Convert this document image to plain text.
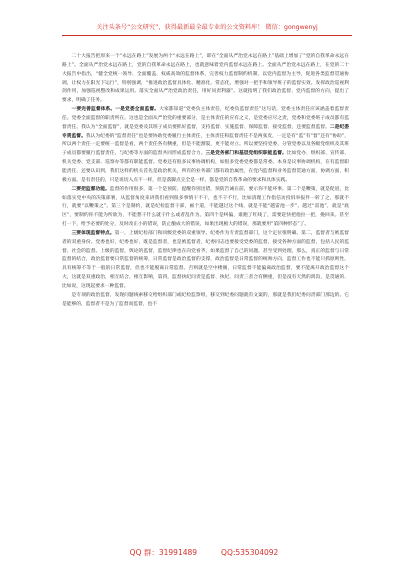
关注头条号“公文研究”，获得最新最全最专业的公文资料库！ 微信：gongwenyj

二十大报告把原来一个“永远在路上”发展为两个“永远在路上”，即在“全面从严治党永远在路上”基础上增加了“党的自我革命永远在路上”。全面从严治党永远在路上，党的自我革命永远在路上，也就意味着党内监督永远在路上。全面从严治党永远在路上，在党的二十大报告中指出，“健全党统一领导、全面覆盖、权威高效的监督体系，完善权力监督制约机制，以党内监督为主导，促进各类监督贯通协调，让权力在阳光下运行”，特别强调，“推进政治监督具体化、精准化、常态化，增强对一把手和领导班子的监督实效。发挥政治巡视利剑作用，加强巡视整改和成果运用。落实全面从严治党政治责任，用好问责利器”。这就指明了我们政治监督、党内监督的方向，提出了要求，明确了任务。

一要完善监督体系。一是党委全面监督。大家都知道“党委负主体责任，纪委负监督责任”这句话，党委主体责任应该涵盖着监督责任。党委全面监督的职责所在。这也是全面从严治党的重要部分，是主体责任的应有之义，是党委应尽之责，党委和党委班子成员都有监督责任。我认为“全面监督”，就是党委及其班子成员要抓好监督，支持监督、实施监督、保障监督、接受监督，还要监督监督。二是纪委专责监督。我认为纪委的“监督责任”也是要协助党委履行主体责任，主体责任和监督责任不是两张皮，一定是有“监”有“督”还有“协助”，所以两个责任一定要统一监督是看，两个责任各有侧重，但是不能割裂，更不能对立。所以要坚持党委、分管党委以及各级党组织及其班子成员都要履行监督责任，与纪委等方面的监督共同形成监督合力。三是党务部门和基层党组织职能监督。比如党办、组织部、宣传部、机关党委、党支部、巡察办等都有职能监督。党委还有很多议事协调机构，如很多党委党委都是常委。本身是议事协调机构，在有监督职能责任，还要认识到，我们这样的机关首先是政治机关，所有的业务部门都有政治属性，在党内监督和业务监督贯通方面，协调方面，积极方面。是有责任的，只是说切入点不一样，但是落脚点完全是一样，都是党的自我革命的要求和具体实践。

二要把监督功能。监督的作用很多，第一个是预防，提醒你别出错，预防告诫在前，要示你不能坏事。第二个是鞭策，就是促进，比如落实党中央的决策部署，从监督角度来讲我们看到很多事情干不干，也不干不行，比如清理工作指信访投诉举报件一转了之，那就不行，就要“以鞭策之”。第三个是制约，就是纪检监督干部，画个道，不能越过这个线，就是不能“越雷池一步”，越过“雷池”，就是“底区”，要制约你不能为所欲为，不能想干什么就干什么或者乱作为。第四个是纠偏，谁跑了红线了，需要赶快把他拉一把，挽回来。甚至打一下，给予必要的处分，及时改正小的错误，防止酿成大的错误，如果出现极大的错误，那就要用“第四种形态”了。

三要体现监督特点。第一，上级纪检部门和同级党委的双重领导。纪委作为专责监督部门，这个定位很明确。第二，监督者与被监督者的双重身份。党委也好，纪委也好，既是监督者，也是被监督者，纪委同志也要接受党委的监督，接受各种方面的监督，包括人民的监督、社会的监督。上级的监督，舆论的监督，监督纪律也在向党看齐，如果监督了自己的问题，甚至受到处理，那么，真正的监督与日常监督的结合，政治监督要日常监督的统筹，日常监督是政治监督的支撑，政治监督是日常监督的统帅方向，监督工作也不能只抓原则性，具有统筹不等于一般的日常监督，但也不能脱离日常监督。否则就是空中楼阁，日常监督不能偏离政治监督，要不能离开政治监督这个大，这就是双重政治，相互结合，相互影响，第四，监督执纪问责是监督、执纪、问责三者合有侧重，但是没有天然的鸿沟，是贯通的、比如说，这现起要求一种监督。

是专项的政治监督，发现问题线索移交给组织部门或纪检监察组，移交到纪委问题就有文案的，那就是我们纪委问责部门那边的。它是能够的，监督者不是为了监督而监督，也不

QQ 群：31991489	QQ:535304092
